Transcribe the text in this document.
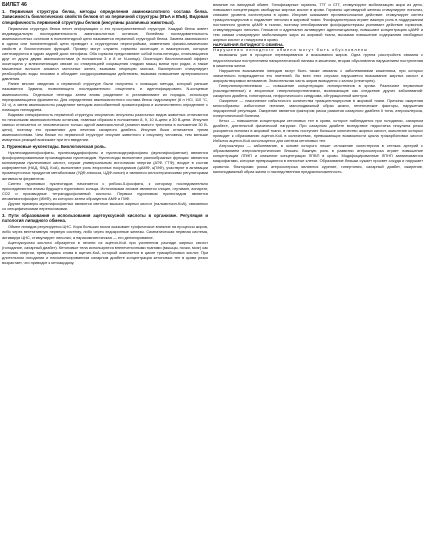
БИЛЕТ 46

1. Первичная структура белка, методы определения аминокислотного состава белка. Зависимость биологических свойств белков от их первичной структуры (ВЪА и ВЪБ). Видовая специфичность первичной структуры белков (инсулины различных животных).

Первичная структура белка несет информацию о его пространственной структуре. Каждый белок имеет индивидуальную последовательность аминокислотных остатков. Линейная последовательность аминокислотных остатков в полипептидной цепи называется первичной структурой белка. Замена аминокислот в одном или полипептидной цепи приводит к структурным перестройкам, изменению физико-химических свойств и биологических функций. Пример могут служить гормоны окситоцин и вазопрессин, которые синтезируются в ядрах задней доли гипофиза. Оба гормона представляют собой нона-пептиды, отличающиеся друг от друга двумя аминокислотами (в положении 3 и 8 от N-конца). Окситоцин биологический эффект окситоцина у млекопитающих связан со стимуляцией сокращения гладких мышц матки при родах, а также мышечных волокон альвеол молочных желез, вызывая секрецию молока. Вазопрессин стимулирует реабсорбцию воды почками и обладает сосудосуживающим действием, вызывая повышение артериального давления.

Ранее многие сведения о первичной структуре были получены с помощью метода, который раньше называется Эдмана, позволяющего последовательно отщеплять и идентифицировать N-концевые аминокислоты. Отдельные пептиды затем вновь разделяют и устанавливают их порядок, используя перекрывающиеся фрагменты. Для определения аминокислотного состава белок гидролизуют (6 н HCl, 110 °С, 24 ч), а затем аминокислоты разделяют методом ионообменной хроматографии и количественно определяют с помощью нингидрина.

Видовая специфичность первичной структуры инсулинов: инсулины различных видов животных отличаются по нескольким аминокислотным остаткам, главным образом в положениях 8, 9, 10 А-цепи и 30 В-цепи. Инсулин свиньи отличается от человеческого только одной аминокислотой (аланин вместо треонина в положении 30 В-цепи), поэтому его применяют для лечения сахарного диабета. Инсулин быка отличается тремя аминокислотами. Чем ближе по первичной структуре инсулин животного к инсулину человека, тем меньше иммунных реакций возникает при его введении.

2. Пуриновые нуклеотиды. Биологическая роль.

Нуклеозидмонофосфаты, нуклеозиддифосфаты и нуклеозидтрифосфаты (мультифосфатные) являются фосфорилированными производными нуклеозидов. Нуклеотиды выполняют разнообразные функции: являются мономерами нуклеиновых кислот, служат универсальным источником энергии (АТФ, ГТФ), входят в состав коферментов (НАД, ФАД, КоА), выполняют роль вторичных посредников (цАМФ, цГМФ), участвуют в активации промежуточных продуктов метаболизма (УДФ-глюкоза, ЦДФ-холин) и являются аллостерическими регуляторами активности ферментов.

Синтез пуриновых нуклеотидов начинается с рибозо-5-фосфата, к которому последовательно присоединяются атомы будущего пуринового кольца. Источниками атомов являются глицин, глутамин, аспартат, CO2 и производные тетрагидрофолиевой кислоты. Первым пуриновым нуклеотидом является инозинмонофосфат (ИМФ), из которого затем образуются АМФ и ГМФ.

Другие примеры мультифосфатных являются светлые высших жирных кислот (пальмитоил-КоА), связанных со специфическими переносчиками.

3. Пути образования и использования ацетоуксусной кислоты в организме. Регуляция и патология липидного обмена.

Обмен липидов регулируется ЦНС. Кора больших мозга оказывает трофическое влияние на процессы жиров, либо через вегетативную нервную систему, либо через эндокринные железы. Симпатическая нервная система, активируя ЦНС, стимулирует липолиз, а парасимпатическая — его депонирование.

Ацетоуксусная кислота образуется в печени из ацетил-КоА при усиленном распаде жирных кислот (голодание, сахарный диабет). Кетоновые тела используются внепеченочными тканями (мышцы, почки, мозг) как источник энергии, превращаясь снова в ацетил-КоА, который окисляется в цикле трикарбоновых кислот. При длительном голодании и некомпенсированном сахарном диабете концентрация кетоновых тел в крови резко возрастает, что приводит к кетоацидозу.

влияние на липидный обмен. Гипофизарные гормоны, ТТГ и СТГ, стимулируют мобилизацию жира из депо, повышают концентрацию свободных жирных кислот в крови. Гормоны щитовидной железы стимулируют липолиз, снижают уровень холестерина в крови. Инсулин оказывает противоположное действие: стимулирует синтез триацилглицеролов и подавляет липолиз в жировой ткани. Фосфодиэстераза играет важную роль в поддержании постоянного уровня цАМФ в тканях, поэтому ингибирование фосфодиэстеразы усиливает действие гормонов, стимулирующих липолиз. Глюкагон и адреналин активируют аденилатциклазу, повышают концентрацию цАМФ и тем самым стимулируют мобилизацию жира из жировой ткани, вызывая повышение содержания свободных жирных кислот и глицерина в крови.

НАРУШЕНИЯ ЛИПИДНОГО ОБМЕНА.

Нарушения липидного обмена могут быть обусловлены

возможны уже в процессе переваривания и всасывания жиров. Одна группа расстройств связана с недостаточным поступлением панкреатической липазы в кишечник, вторая обусловлена нарушением поступления в кишечник желчи.

Нарушения всасывания липидов могут быть также связаны с заболеваниями кишечника, при которых значительно повреждается его эпителий. Во всех этих случаях нарушается всасывание жирных кислот и жирорастворимых витаминов. Значительная часть жиров выводится с калом (стеаторея).

Гиперлипопротеинемии — повышение концентрации липопротеинов в крови. Различают первичные (наследственные) и вторичные гиперлипопротеинемии, возникающие как следствие других заболеваний: сахарного диабета, гипотиреоза, нефротического синдрома, обтурационной желтухи.

Ожирение — накопление избыточного количества триацилглицеролов в жировой ткани. Причины ожирения многообразны: избыточное питание, малоподвижный образ жизни, генетические факторы, нарушения эндокринной регуляции. Ожирение является фактором риска развития сахарного диабета II типа, атеросклероза, гипертонической болезни.

Кетоз — повышение концентрации кетоновых тел в крови, которое наблюдается при голодании, сахарном диабете, длительной физической нагрузке. При сахарном диабете вследствие недостатка инсулина резко ускоряется липолиз в жировой ткани, в печень поступает большое количество жирных кислот, окисление которых приводит к образованию ацетил-КоА в количествах, превышающих возможности цикла трикарбоновых кислот. Избыток ацетил-КоА используется для синтеза кетоновых тел.

Атеросклероз — заболевание, в основе которого лежит отложение холестерина в стенках артерий с образованием атеросклеротических бляшек. Важную роль в развитии атеросклероза играет повышение концентрации ЛПНП и снижение концентрации ЛПВП в крови. Модифицированные ЛПНП захватываются макрофагами, которые превращаются в пенистые клетки. Образование бляшки сужает просвет сосуда и нарушает кровоток. Факторами риска атеросклероза являются курение, гипертония, сахарный диабет, ожирение, малоподвижный образ жизни и наследственная предрасположенность.
